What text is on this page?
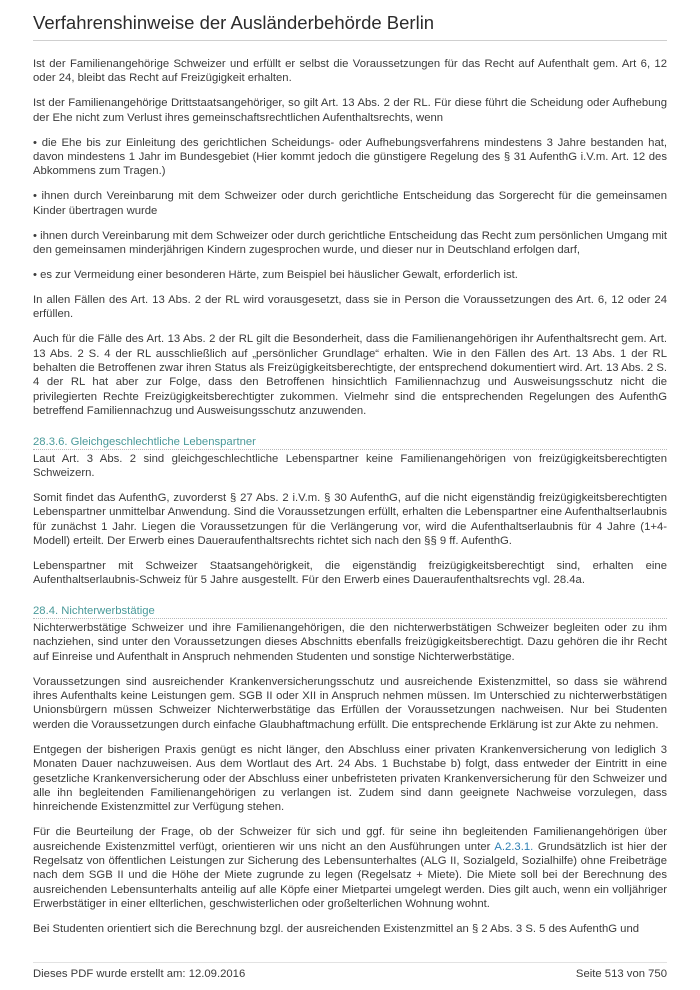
Verfahrenshinweise der Ausländerbehörde Berlin

Ist der Familienangehörige Schweizer und erfüllt er selbst die Voraussetzungen für das Recht auf Aufenthalt gem. Art 6, 12 oder 24, bleibt das Recht auf Freizügigkeit erhalten.

Ist der Familienangehörige Drittstaatsangehöriger, so gilt Art. 13 Abs. 2 der RL. Für diese führt die Scheidung oder Aufhebung der Ehe nicht zum Verlust ihres gemeinschaftsrechtlichen Aufenthaltsrechts, wenn

• die Ehe bis zur Einleitung des gerichtlichen Scheidungs- oder Aufhebungsverfahrens mindestens 3 Jahre bestanden hat, davon mindestens 1 Jahr im Bundesgebiet (Hier kommt jedoch die günstigere Regelung des § 31 AufenthG i.V.m. Art. 12 des Abkommens zum Tragen.)

• ihnen durch Vereinbarung mit dem Schweizer oder durch gerichtliche Entscheidung das Sorgerecht für die gemeinsamen Kinder übertragen wurde

• ihnen durch Vereinbarung mit dem Schweizer oder durch gerichtliche Entscheidung das Recht zum persönlichen Umgang mit den gemeinsamen minderjährigen Kindern zugesprochen wurde, und dieser nur in Deutschland erfolgen darf,

• es zur Vermeidung einer besonderen Härte, zum Beispiel bei häuslicher Gewalt, erforderlich ist.

In allen Fällen des Art. 13 Abs. 2 der RL wird vorausgesetzt, dass sie in Person die Voraussetzungen des Art. 6, 12 oder 24 erfüllen.

Auch für die Fälle des Art. 13 Abs. 2 der RL gilt die Besonderheit, dass die Familienangehörigen ihr Aufenthaltsrecht gem. Art. 13 Abs. 2 S. 4 der RL ausschließlich auf „persönlicher Grundlage“ erhalten. Wie in den Fällen des Art. 13 Abs. 1 der RL behalten die Betroffenen zwar ihren Status als Freizügigkeitsberechtigte, der entsprechend dokumentiert wird. Art. 13 Abs. 2 S. 4 der RL hat aber zur Folge, dass den Betroffenen hinsichtlich Familiennachzug und Ausweisungsschutz nicht die privilegierten Rechte Freizügigkeitsberechtigter zukommen. Vielmehr sind die entsprechenden Regelungen des AufenthG betreffend Familiennachzug und Ausweisungsschutz anzuwenden.

28.3.6. Gleichgeschlechtliche Lebenspartner

Laut Art. 3 Abs. 2 sind gleichgeschlechtliche Lebenspartner keine Familienangehörigen von freizügigkeitsberechtigten Schweizern.

Somit findet das AufenthG, zuvorderst § 27 Abs. 2 i.V.m. § 30 AufenthG, auf die nicht eigenständig freizügigkeitsberechtigten Lebenspartner unmittelbar Anwendung. Sind die Voraussetzungen erfüllt, erhalten die Lebenspartner eine Aufenthaltserlaubnis für zunächst 1 Jahr. Liegen die Voraussetzungen für die Verlängerung vor, wird die Aufenthaltserlaubnis für 4 Jahre (1+4-Modell) erteilt. Der Erwerb eines Daueraufenthaltsrechts richtet sich nach den §§ 9 ff. AufenthG.

Lebenspartner mit Schweizer Staatsangehörigkeit, die eigenständig freizügigkeitsberechtigt sind, erhalten eine Aufenthaltserlaubnis-Schweiz für 5 Jahre ausgestellt. Für den Erwerb eines Daueraufenthaltsrechts vgl. 28.4a.

28.4. Nichterwerbstätige

Nichterwerbstätige Schweizer und ihre Familienangehörigen, die den nichterwerbstätigen Schweizer begleiten oder zu ihm nachziehen, sind unter den Voraussetzungen dieses Abschnitts ebenfalls freizügigkeitsberechtigt. Dazu gehören die ihr Recht auf Einreise und Aufenthalt in Anspruch nehmenden Studenten und sonstige Nichterwerbstätige.

Voraussetzungen sind ausreichender Krankenversicherungsschutz und ausreichende Existenzmittel, so dass sie während ihres Aufenthalts keine Leistungen gem. SGB II oder XII in Anspruch nehmen müssen. Im Unterschied zu nichterwerbstätigen Unionsbürgern müssen Schweizer Nichterwerbstätige das Erfüllen der Voraussetzungen nachweisen. Nur bei Studenten werden die Voraussetzungen durch einfache Glaubhaftmachung erfüllt. Die entsprechende Erklärung ist zur Akte zu nehmen.

Entgegen der bisherigen Praxis genügt es nicht länger, den Abschluss einer privaten Krankenversicherung von lediglich 3 Monaten Dauer nachzuweisen. Aus dem Wortlaut des Art. 24 Abs. 1 Buchstabe b) folgt, dass entweder der Eintritt in eine gesetzliche Krankenversicherung oder der Abschluss einer unbefristeten privaten Krankenversicherung für den Schweizer und alle ihn begleitenden Familienangehörigen zu verlangen ist. Zudem sind dann geeignete Nachweise vorzulegen, dass hinreichende Existenzmittel zur Verfügung stehen.

Für die Beurteilung der Frage, ob der Schweizer für sich und ggf. für seine ihn begleitenden Familienangehörigen über ausreichende Existenzmittel verfügt, orientieren wir uns nicht an den Ausführungen unter A.2.3.1. Grundsätzlich ist hier der Regelsatz von öffentlichen Leistungen zur Sicherung des Lebensunterhaltes (ALG II, Sozialgeld, Sozialhilfe) ohne Freibeträge nach dem SGB II und die Höhe der Miete zugrunde zu legen (Regelsatz + Miete). Die Miete soll bei der Berechnung des ausreichenden Lebensunterhalts anteilig auf alle Köpfe einer Mietpartei umgelegt werden. Dies gilt auch, wenn ein volljähriger Erwerbstätiger in einer ellterlichen, geschwisterlichen oder großelterlichen Wohnung wohnt.

Bei Studenten orientiert sich die Berechnung bzgl. der ausreichenden Existenzmittel an § 2 Abs. 3 S. 5 des AufenthG und

Dieses PDF wurde erstellt am: 12.09.2016	Seite 513 von 750
